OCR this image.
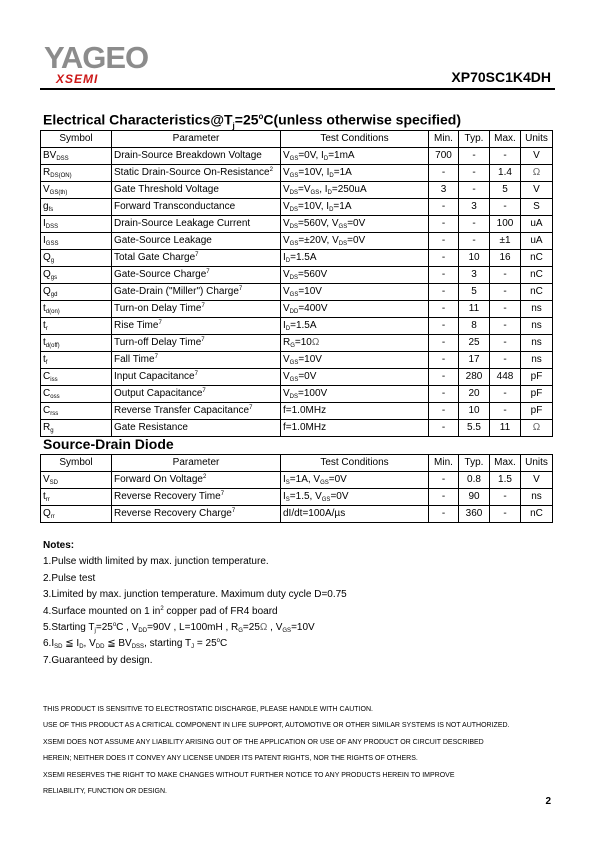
YAGEO
XSEMI	XP70SC1K4DH
Electrical $Characteristics@T_j=25^oC(unless$ otherwise specified)
Symbol	Parameter	Test Conditions	Min.	Typ.	Max.	Units
$BV_{DSS}$	Drain-Source Breakdown Voltage	$V_{GS}=0V$, $I_D=1mA$	700	-	-	V
$R_{DS(ON)}$	Static Drain-Source On-Resistance$^2$	$V_{GS}=10V$, $I_D=1A$	-	-	1.4	Ω
$V_{GS(th)}$	Gate Threshold Voltage	$V_{DS}=V_{GS}$, $I_D=250uA$	3	-	5	V
$g_{fs}$	Forward Transconductance	$V_{DS}=10V$, $I_D=1A$	-	3	-	S
$I_{DSS}$	Drain-Source Leakage Current	$V_{DS}=560V$, $V_{GS}=0V$	-	-	100	uA
$I_{GSS}$	Gate-Source Leakage	$V_{GS}=\pm 20V$, $V_{DS}=0V$	-	-	±1	uA
$Q_g$	Total Gate Charge$^7$	$I_D=1.5A$	-	10	16	nC
$Q_{gs}$	Gate-Source Charge$^7$	$V_{DS}=560V$	-	3	-	nC
$Q_{gd}$	Gate-Drain ("Miller") Charge$^7$	$V_{GS}=10V$	-	5	-	nC
$t_{d(on)}$	Turn-on Delay Time$^7$	$V_{DD}=400V$	-	11	-	ns
$t_r$	Rise Time$^7$	$I_D=1.5A$	-	8	-	ns
$t_{d(off)}$	Turn-off Delay Time$^7$	$R_G=10\Omega$	-	25	-	ns
$t_f$	Fall Time$^7$	$V_{GS}=10V$	-	17	-	ns
$C_{iss}$	Input Capacitance$^7$	$V_{GS}=0V$	-	280	448	pF
$C_{oss}$	Output Capacitance$^7$	$V_{DS}=100V$	-	20	-	pF
$C_{rss}$	Reverse Transfer Capacitance$^7$	f=1.0MHz	-	10	-	pF
$R_g$	Gate Resistance	f=1.0MHz	-	5.5	11	Ω
Source-Drain Diode
Symbol	Parameter	Test Conditions	Min.	Typ.	Max.	Units
$V_{SD}$	Forward On Voltage$^2$	$I_S=1A$, $V_{GS}=0V$	-	0.8	1.5	V
$t_{rr}$	Reverse Recovery Time$^7$	$I_S=1.5$, $V_{GS}=0V$	-	90	-	ns
$Q_{rr}$	Reverse Recovery Charge$^7$	dI/dt=100A/µs	-	360	-	nC
Notes:
1.Pulse width limited by max. junction temperature.
2.Pulse test
3.Limited by max. junction temperature. Maximum duty cycle D=0.75
4.Surface mounted on 1 $in^2$ copper pad of FR4 board
5.Starting $T_j=25^oC$ , $V_{DD}=90V$ , L=100mH , $R_G=25\Omega$ , $V_{GS}=10V$
$6.I_{SD}$ ≦ $I_D$, $V_{DD}$ ≦ $BV_{DSS}$, starting $T_J = 25^oC$
7.Guaranteed by design.
THIS PRODUCT IS SENSITIVE TO ELECTROSTATIC DISCHARGE, PLEASE HANDLE WITH CAUTION.
USE OF THIS PRODUCT AS A CRITICAL COMPONENT IN LIFE SUPPORT, AUTOMOTIVE OR OTHER SIMILAR SYSTEMS IS NOT AUTHORIZED.
XSEMI DOES NOT ASSUME ANY LIABILITY ARISING OUT OF THE APPLICATION OR USE OF ANY PRODUCT OR CIRCUIT DESCRIBED
HEREIN; NEITHER DOES IT CONVEY ANY LICENSE UNDER ITS PATENT RIGHTS, NOR THE RIGHTS OF OTHERS.
XSEMI RESERVES THE RIGHT TO MAKE CHANGES WITHOUT FURTHER NOTICE TO ANY PRODUCTS HEREIN TO IMPROVE
RELIABILITY, FUNCTION OR DESIGN.
2
